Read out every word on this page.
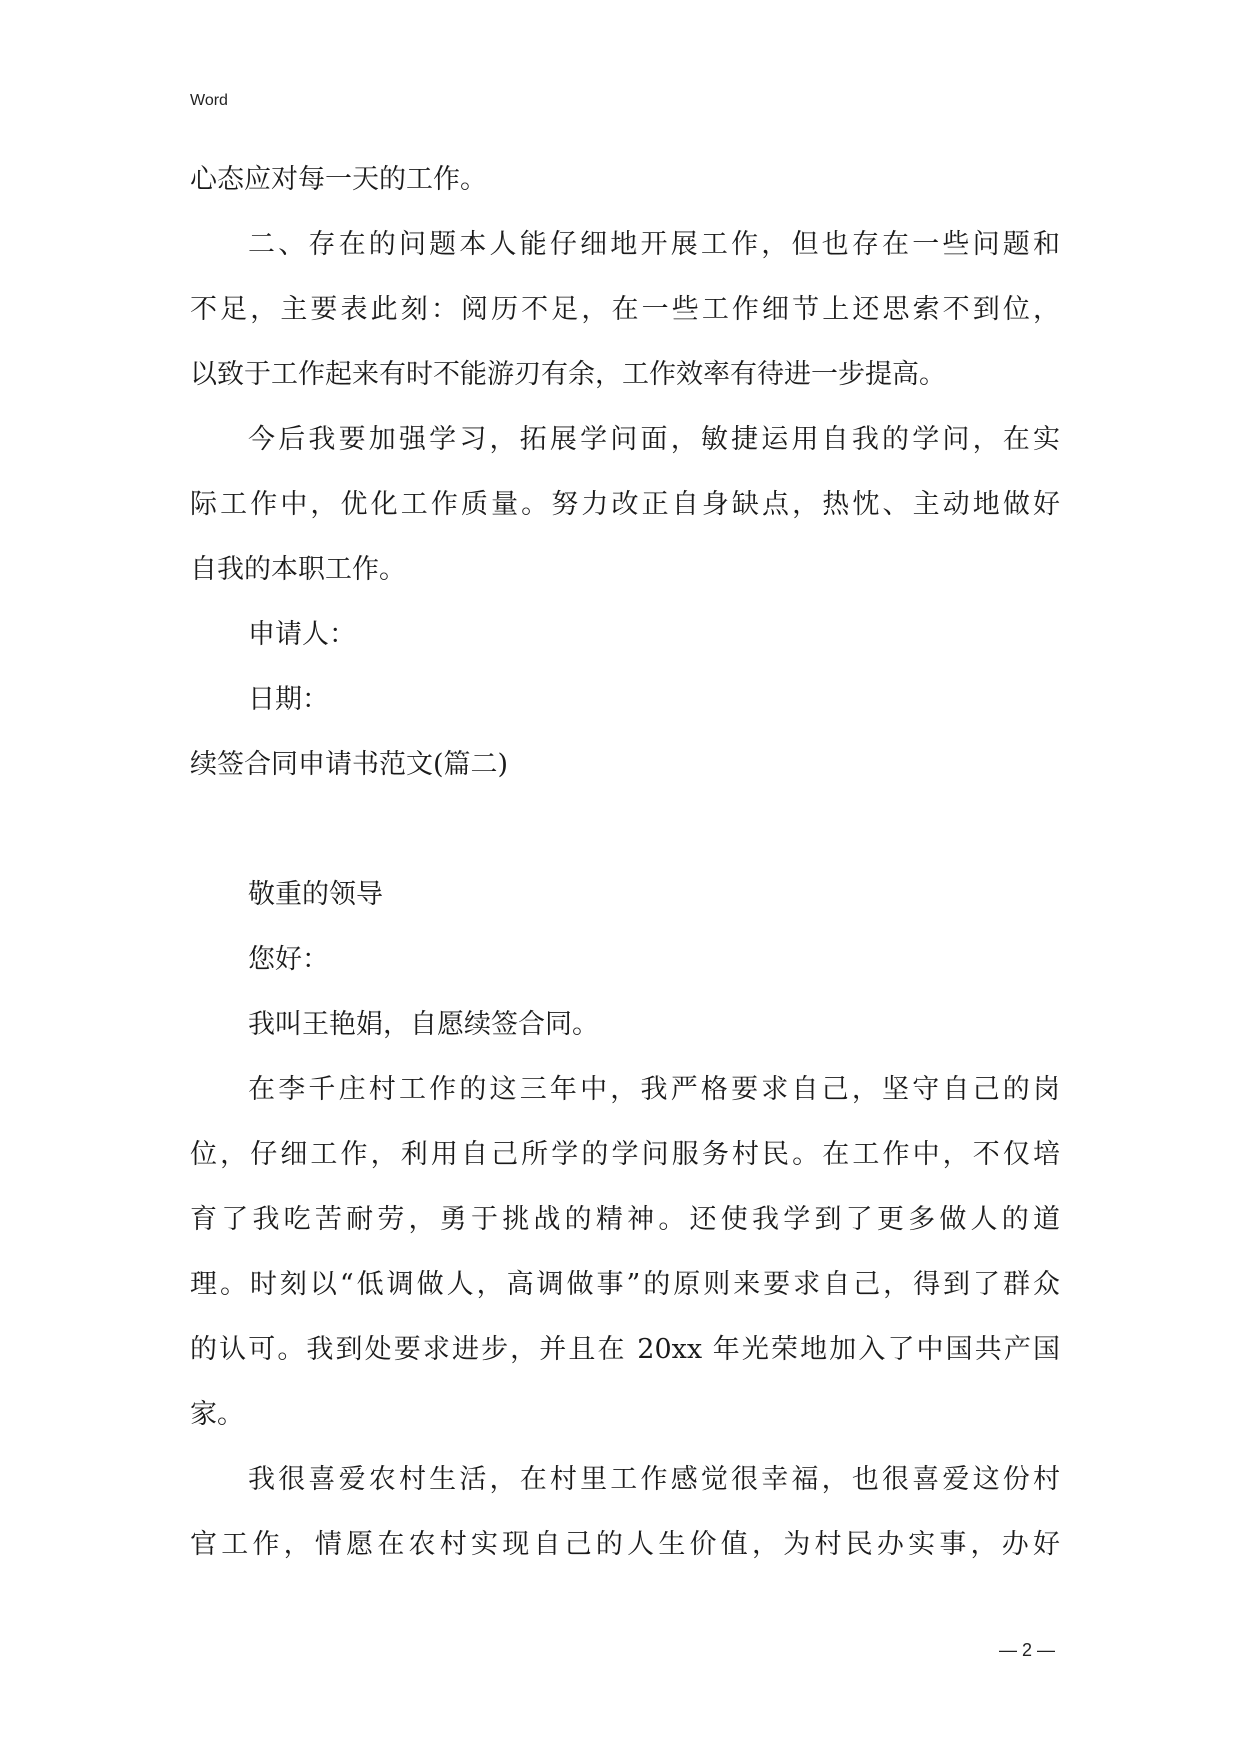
Word
心态应对每一天的工作。
二、存在的问题本人能仔细地开展工作，但也存在一些问题和
不足，主要表此刻：阅历不足，在一些工作细节上还思索不到位，
以致于工作起来有时不能游刃有余，工作效率有待进一步提高。
今后我要加强学习，拓展学问面，敏捷运用自我的学问，在实
际工作中，优化工作质量。努力改正自身缺点，热忱、主动地做好
自我的本职工作。
申请人：
日期：
续签合同申请书范文(篇二)
敬重的领导
您好：
我叫王艳娟，自愿续签合同。
在李千庄村工作的这三年中，我严格要求自己，坚守自己的岗
位，仔细工作，利用自己所学的学问服务村民。在工作中，不仅培
育了我吃苦耐劳，勇于挑战的精神。还使我学到了更多做人的道
理。时刻以“低调做人，高调做事”的原则来要求自己，得到了群众
的认可。我到处要求进步，并且在 20xx 年光荣地加入了中国共产国
家。
我很喜爱农村生活，在村里工作感觉很幸福，也很喜爱这份村
官工作，情愿在农村实现自己的人生价值，为村民办实事，办好
— 2 —
